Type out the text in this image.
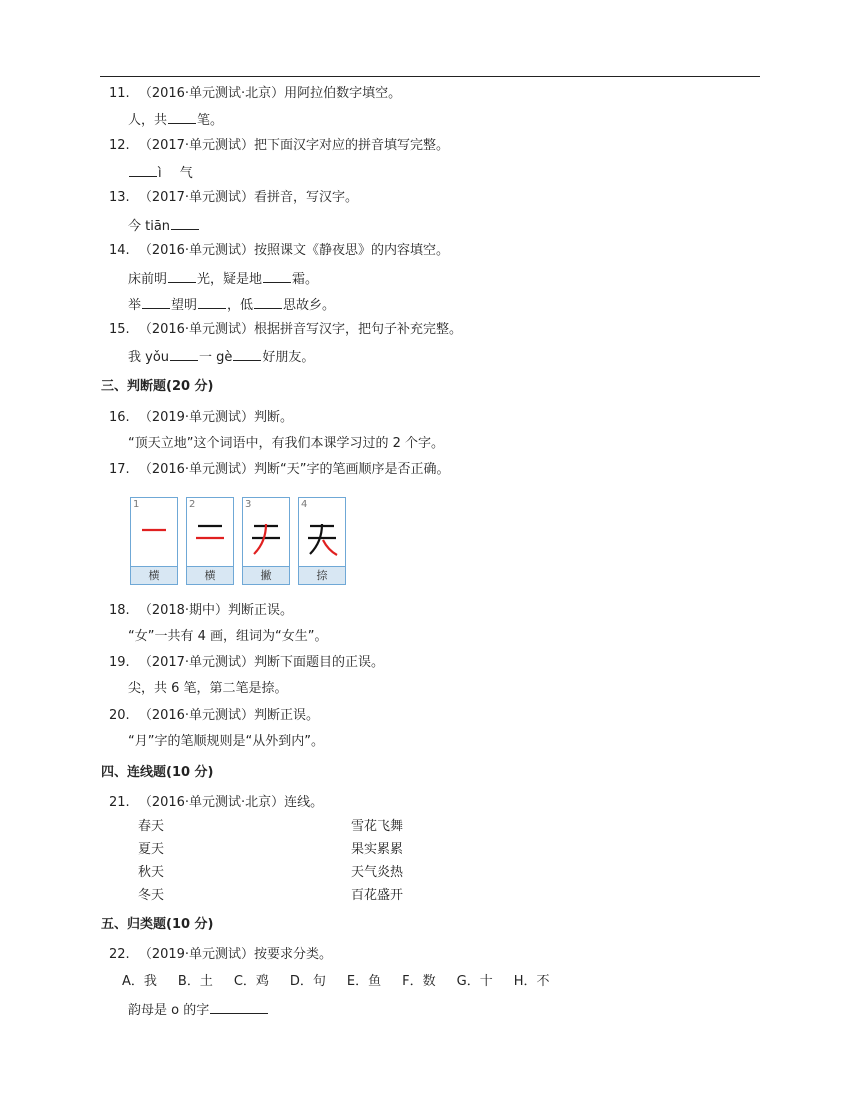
11. （2016·单元测试·北京）用阿拉伯数字填空。
人，共 笔。
12. （2017·单元测试）把下面汉字对应的拼音填写完整。
ì 气
13. （2017·单元测试）看拼音，写汉字。
今 tiān
14. （2016·单元测试）按照课文《静夜思》的内容填空。
床前明 光，疑是地 霜。
举 望明 ，低 思故乡。
15. （2016·单元测试）根据拼音写汉字，把句子补充完整。
我 yǒu 一 gè 好朋友。
三、判断题(20 分)
16. （2019·单元测试）判断。
“顶天立地”这个词语中，有我们本课学习过的 2 个字。
17. （2016·单元测试）判断“天”字的笔画顺序是否正确。
1
横
2
横
3
撇
4
捺
18. （2018·期中）判断正误。
“女”一共有 4 画，组词为“女生”。
19. （2017·单元测试）判断下面题目的正误。
尖，共 6 笔，第二笔是捺。
20. （2016·单元测试）判断正误。
“月”字的笔顺规则是“从外到内”。
四、连线题(10 分)
21. （2016·单元测试·北京）连线。
春天
夏天
秋天
冬天
雪花飞舞
果实累累
天气炎热
百花盛开
五、归类题(10 分)
22. （2019·单元测试）按要求分类。
A．我 B．土 C．鸡 D．句 E．鱼 F．数 G．十 H．不
韵母是 o 的字
